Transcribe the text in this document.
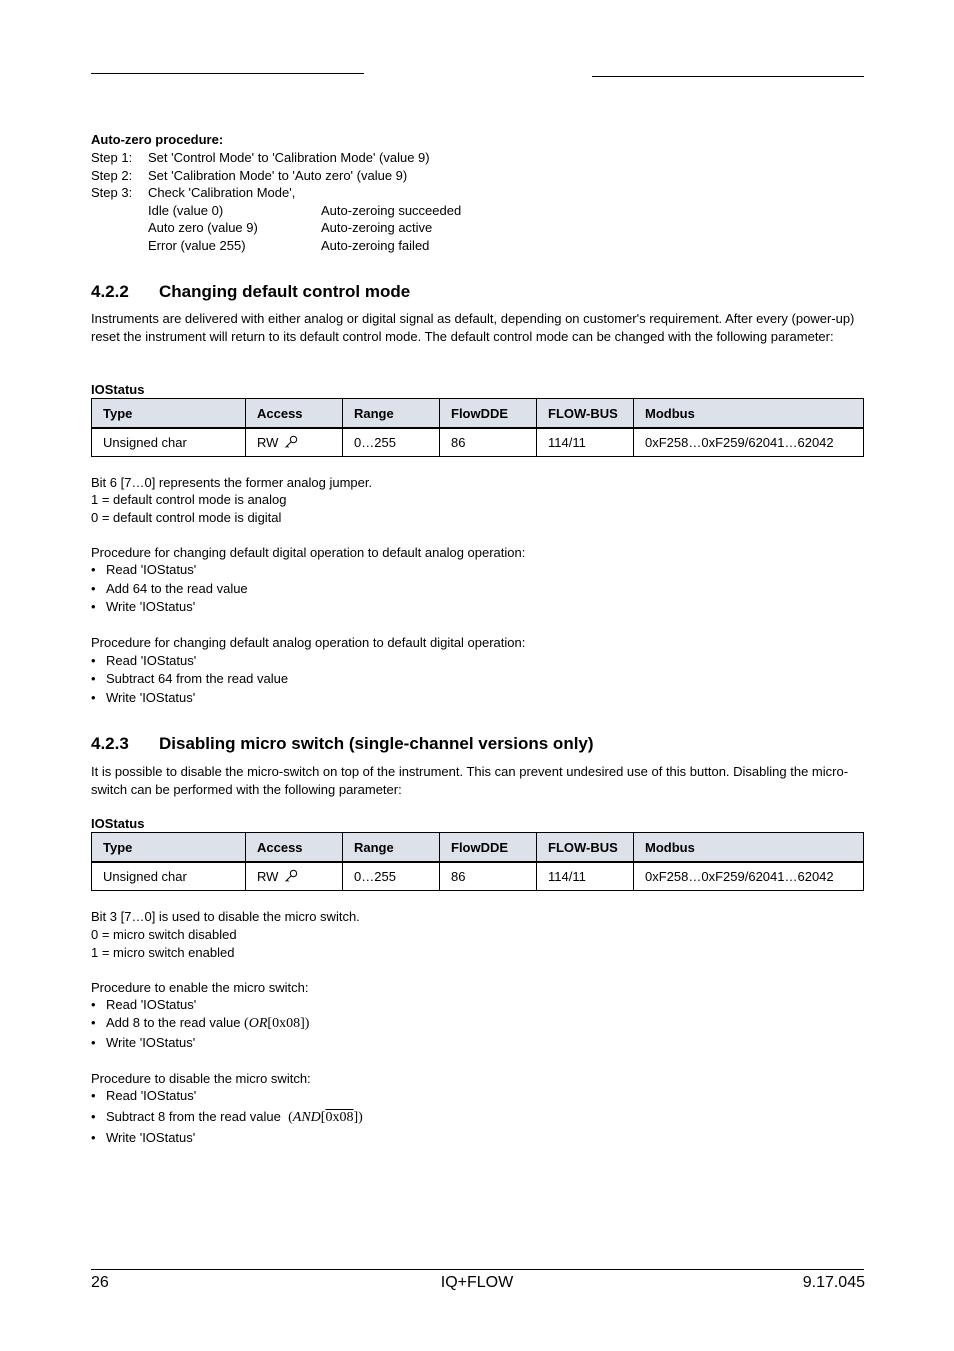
Auto-zero procedure:
Step 1: Set 'Control Mode' to 'Calibration Mode' (value 9)
Step 2: Set 'Calibration Mode' to 'Auto zero' (value 9)
Step 3: Check 'Calibration Mode',
Idle (value 0)	Auto-zeroing succeeded
Auto zero (value 9)	Auto-zeroing active
Error (value 255)	Auto-zeroing failed
4.2.2 Changing default control mode

Instruments are delivered with either analog or digital signal as default, depending on customer's requirement. After every (power-up) reset the instrument will return to its default control mode. The default control mode can be changed with the following parameter:

IOStatus
Type	Access	Range	FlowDDE	FLOW-BUS	Modbus
Unsigned char	RW	0…255	86	114/11	0xF258…0xF259/62041…62042
Bit 6 [7…0] represents the former analog jumper.
1 = default control mode is analog
0 = default control mode is digital
Procedure for changing default digital operation to default analog operation:
• Read 'IOStatus'
• Add 64 to the read value
• Write 'IOStatus'
Procedure for changing default analog operation to default digital operation:
• Read 'IOStatus'
• Subtract 64 from the read value
• Write 'IOStatus'
4.2.3 Disabling micro switch (single-channel versions only)

It is possible to disable the micro-switch on top of the instrument. This can prevent undesired use of this button. Disabling the micro-switch can be performed with the following parameter:

IOStatus
Type	Access	Range	FlowDDE	FLOW-BUS	Modbus
Unsigned char	RW	0…255	86	114/11	0xF258…0xF259/62041…62042
Bit 3 [7…0] is used to disable the micro switch.
0 = micro switch disabled
1 = micro switch enabled
Procedure to enable the micro switch:
• Read 'IOStatus'
• Add 8 to the read value (OR[0x08])
• Write 'IOStatus'
Procedure to disable the micro switch:
• Read 'IOStatus'
• Subtract 8 from the read value  (AND[0x08])
• Write 'IOStatus'
26	IQ+FLOW	9.17.045
